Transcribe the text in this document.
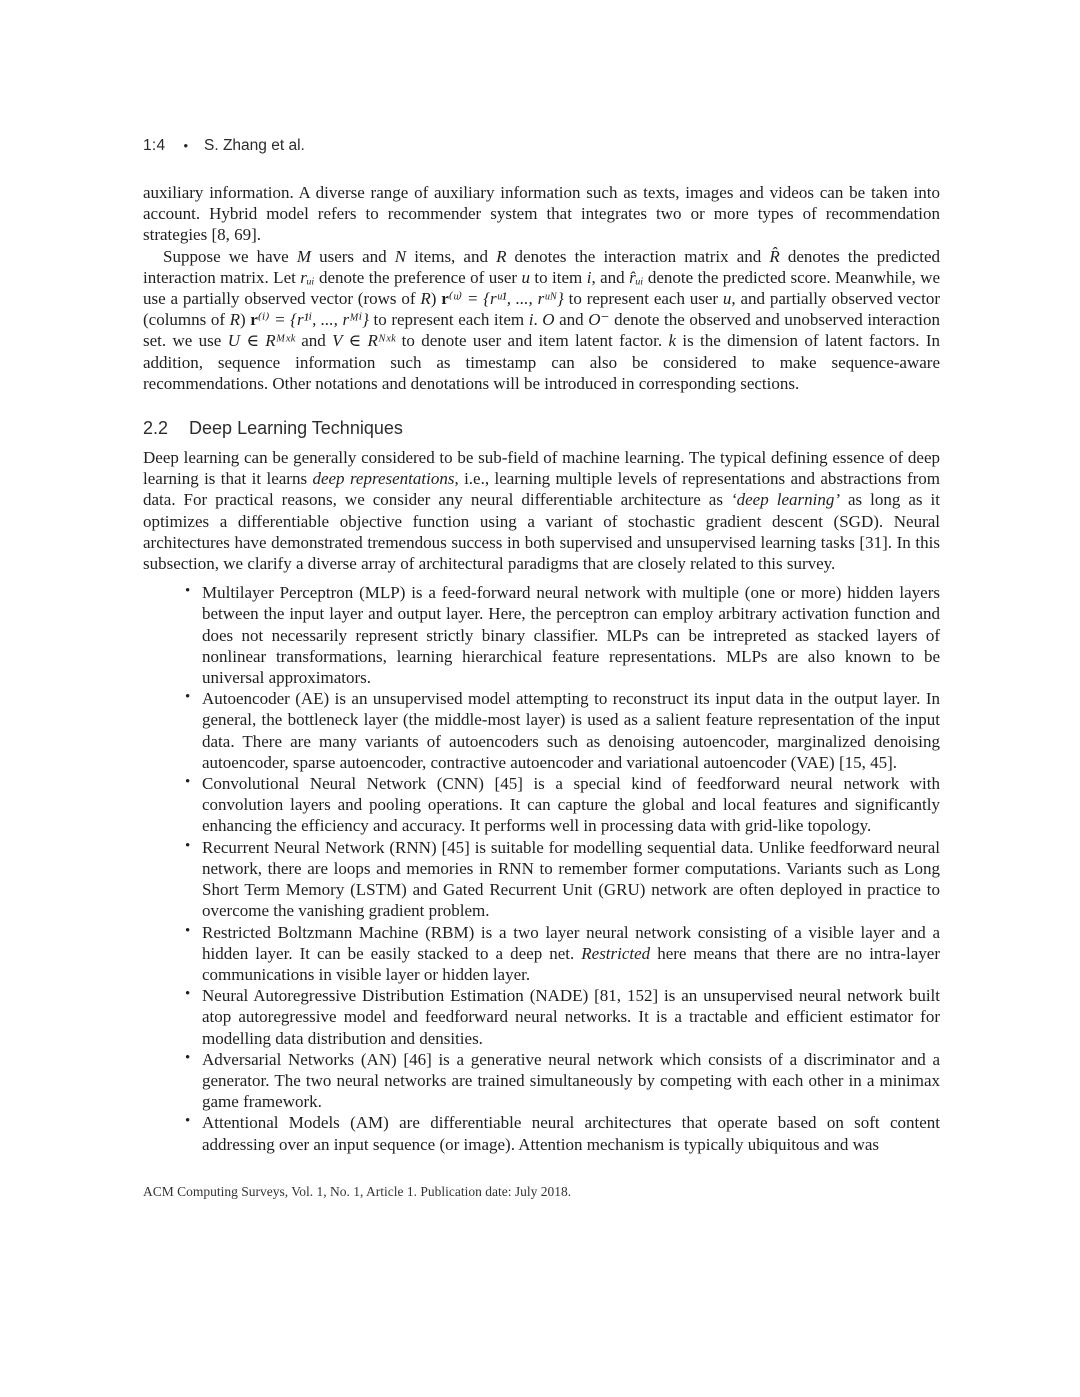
1:4 • S. Zhang et al.

auxiliary information. A diverse range of auxiliary information such as texts, images and videos can be taken into account. Hybrid model refers to recommender system that integrates two or more types of recommendation strategies [8, 69].

Suppose we have M users and N items, and R denotes the interaction matrix and R̂ denotes the predicted interaction matrix. Let rᵤᵢ denote the preference of user u to item i, and r̂ᵤᵢ denote the predicted score. Meanwhile, we use a partially observed vector (rows of R) r⁽ᵘ⁾ = {rᵘ¹, ..., rᵘᴺ} to represent each user u, and partially observed vector (columns of R) r⁽ⁱ⁾ = {r¹ⁱ, ..., rᴹⁱ} to represent each item i. O and O⁻ denote the observed and unobserved interaction set. we use U ∈ Rᴹˣᵏ and V ∈ Rᴺˣᵏ to denote user and item latent factor. k is the dimension of latent factors. In addition, sequence information such as timestamp can also be considered to make sequence-aware recommendations. Other notations and denotations will be introduced in corresponding sections.

2.2 Deep Learning Techniques

Deep learning can be generally considered to be sub-field of machine learning. The typical defining essence of deep learning is that it learns deep representations, i.e., learning multiple levels of representations and abstractions from data. For practical reasons, we consider any neural differentiable architecture as ‘deep learning’ as long as it optimizes a differentiable objective function using a variant of stochastic gradient descent (SGD). Neural architectures have demonstrated tremendous success in both supervised and unsupervised learning tasks [31]. In this subsection, we clarify a diverse array of architectural paradigms that are closely related to this survey.

• Multilayer Perceptron (MLP) is a feed-forward neural network with multiple (one or more) hidden layers between the input layer and output layer. Here, the perceptron can employ arbitrary activation function and does not necessarily represent strictly binary classifier. MLPs can be intrepreted as stacked layers of nonlinear transformations, learning hierarchical feature representations. MLPs are also known to be universal approximators.
• Autoencoder (AE) is an unsupervised model attempting to reconstruct its input data in the output layer. In general, the bottleneck layer (the middle-most layer) is used as a salient feature representation of the input data. There are many variants of autoencoders such as denoising autoencoder, marginalized denoising autoencoder, sparse autoencoder, contractive autoencoder and variational autoencoder (VAE) [15, 45].
• Convolutional Neural Network (CNN) [45] is a special kind of feedforward neural network with convolution layers and pooling operations. It can capture the global and local features and significantly enhancing the efficiency and accuracy. It performs well in processing data with grid-like topology.
• Recurrent Neural Network (RNN) [45] is suitable for modelling sequential data. Unlike feedforward neural network, there are loops and memories in RNN to remember former computations. Variants such as Long Short Term Memory (LSTM) and Gated Recurrent Unit (GRU) network are often deployed in practice to overcome the vanishing gradient problem.
• Restricted Boltzmann Machine (RBM) is a two layer neural network consisting of a visible layer and a hidden layer. It can be easily stacked to a deep net. Restricted here means that there are no intra-layer communications in visible layer or hidden layer.
• Neural Autoregressive Distribution Estimation (NADE) [81, 152] is an unsupervised neural network built atop autoregressive model and feedforward neural networks. It is a tractable and efficient estimator for modelling data distribution and densities.
• Adversarial Networks (AN) [46] is a generative neural network which consists of a discriminator and a generator. The two neural networks are trained simultaneously by competing with each other in a minimax game framework.
• Attentional Models (AM) are differentiable neural architectures that operate based on soft content addressing over an input sequence (or image). Attention mechanism is typically ubiquitous and was
ACM Computing Surveys, Vol. 1, No. 1, Article 1. Publication date: July 2018.
